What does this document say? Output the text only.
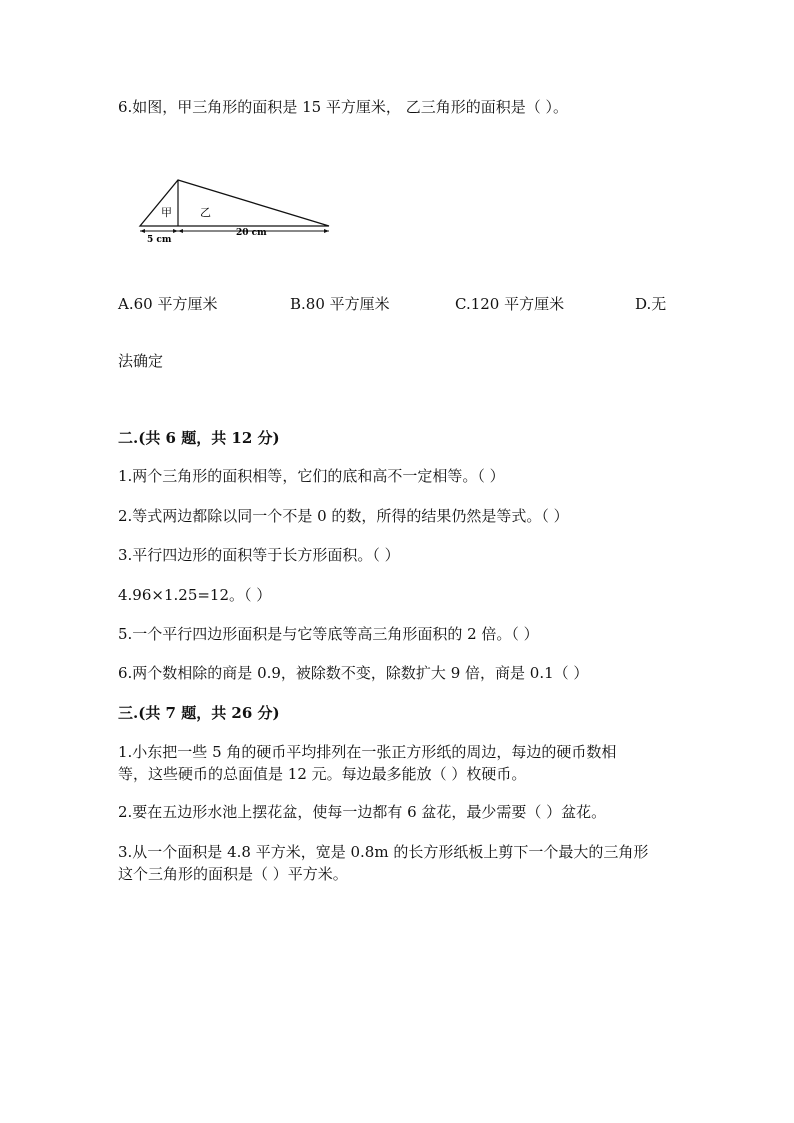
6.如图，甲三角形的面积是 15 平方厘米， 乙三角形的面积是（ ）。
甲	乙
5 cm
20 cm
A.60 平方厘米	B.80 平方厘米	C.120 平方厘米	D.无
法确定
二.(共 6 题，共 12 分)
1.两个三角形的面积相等，它们的底和高不一定相等。（ ）
2.等式两边都除以同一个不是 0 的数，所得的结果仍然是等式。（ ）
3.平行四边形的面积等于长方形面积。（ ）
4.96×1.25=12。（ ）
5.一个平行四边形面积是与它等底等高三角形面积的 2 倍。（ ）
6.两个数相除的商是 0.9，被除数不变，除数扩大 9 倍，商是 0.1（ ）
三.(共 7 题，共 26 分)
1.小东把一些 5 角的硬币平均排列在一张正方形纸的周边，每边的硬币数相
等，这些硬币的总面值是 12 元。每边最多能放（ ）枚硬币。
2.要在五边形水池上摆花盆，使每一边都有 6 盆花，最少需要（ ）盆花。
3.从一个面积是 4.8 平方米，宽是 0.8m 的长方形纸板上剪下一个最大的三角形
这个三角形的面积是（ ）平方米。
